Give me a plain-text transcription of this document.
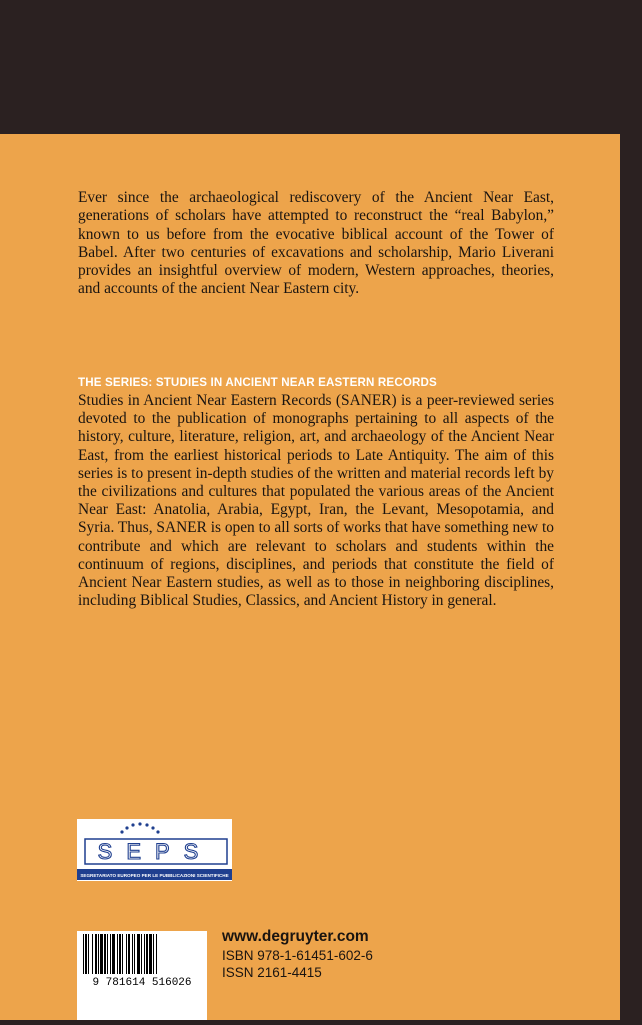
Ever since the archaeological rediscovery of the Ancient Near East, generations of scholars have attempted to reconstruct the “real Babylon,” known to us before from the evocative biblical account of the Tower of Babel. After two centuries of excavations and scholarship, Mario Liverani provides an insightful overview of modern, Western approaches, theories, and accounts of the ancient Near Eastern city.

THE SERIES: STUDIES IN ANCIENT NEAR EASTERN RECORDS

Studies in Ancient Near Eastern Records (SANER) is a peer-reviewed series devoted to the publication of monographs pertaining to all aspects of the history, culture, literature, religion, art, and archaeology of the Ancient Near East, from the earliest historical periods to Late Antiquity. The aim of this series is to present in-depth studies of the written and material records left by the civilizations and cultures that populated the various areas of the Ancient Near East: Anatolia, Arabia, Egypt, Iran, the Levant, Mesopotamia, and Syria. Thus, SANER is open to all sorts of works that have something new to contribute and which are relevant to scholars and students within the continuum of regions, disciplines, and periods that constitute the field of Ancient Near Eastern studies, as well as to those in neighboring disciplines, including Biblical Studies, Classics, and Ancient History in general.

SEPS
SEGRETARIATO EUROPEO PER LE PUBBLICAZIONI SCIENTIFICHE
9 781614 516026
www.degruyter.com
ISBN 978-1-61451-602-6
ISSN 2161-4415
